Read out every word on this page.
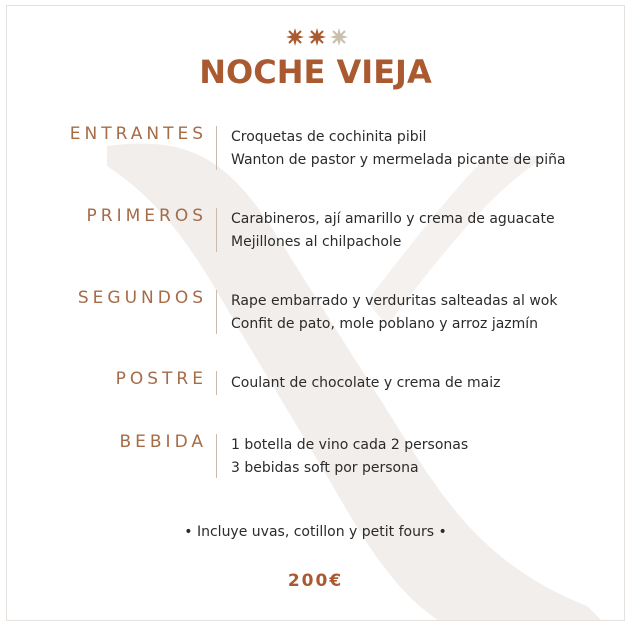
NOCHE VIEJA
ENTRANTES Croquetas de cochinita pibil
Wanton de pastor y mermelada picante de piña
PRIMEROS Carabineros, ají amarillo y crema de aguacate
Mejillones al chilpachole
SEGUNDOS Rape embarrado y verduritas salteadas al wok
Confit de pato, mole poblano y arroz jazmín
POSTRE Coulant de chocolate y crema de maiz
BEBIDA 1 botella de vino cada 2 personas
3 bebidas soft por persona
• Incluye uvas, cotillon y petit fours •
200€
